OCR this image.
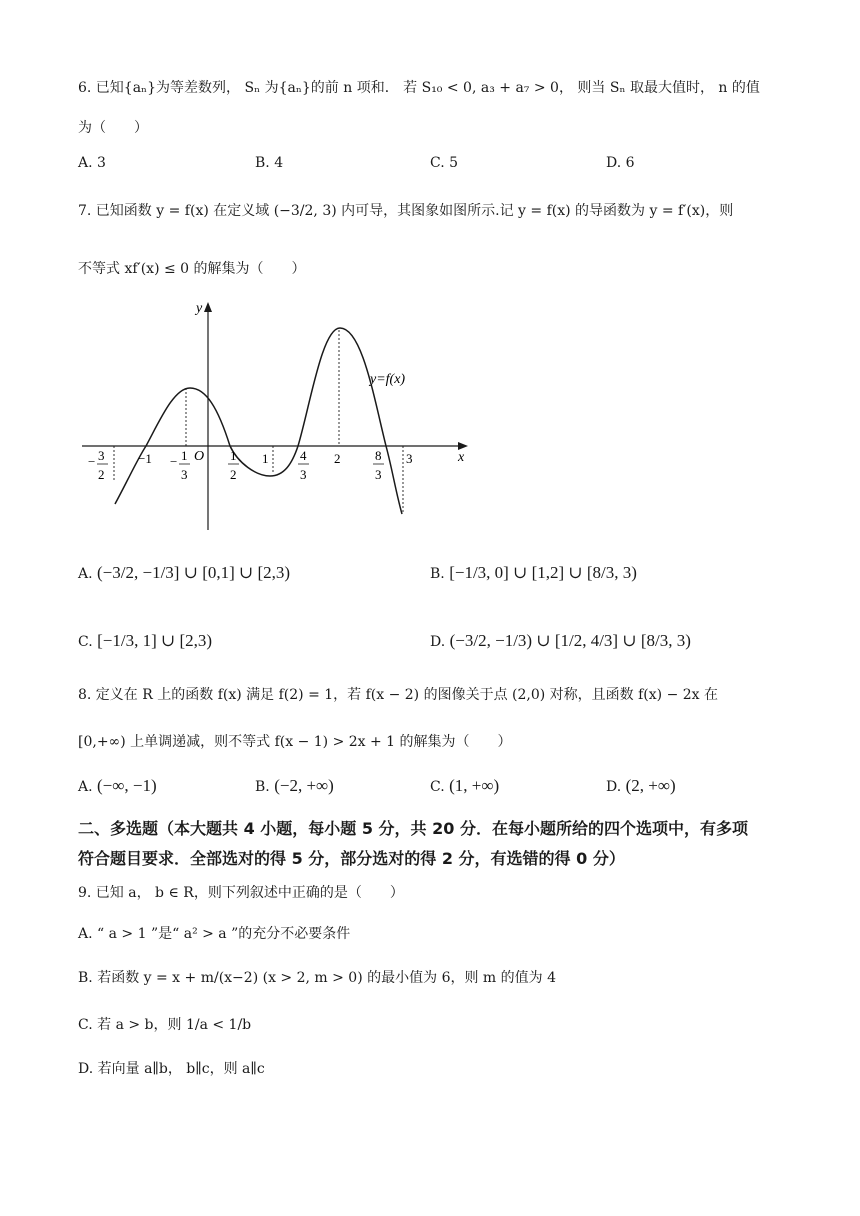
6. 已知{aₙ}为等差数列， Sₙ 为{aₙ}的前 n 项和． 若 S₁₀ < 0, a₃ + a₇ > 0， 则当 Sₙ 取最大值时， n 的值
为（　　）
A. 3	B. 4	C. 5	D. 6
7. 已知函数 y = f(x) 在定义域 (−3/2, 3) 内可导，其图象如图所示.记 y = f(x) 的导函数为 y = f′(x)，则
不等式 xf′(x) ≤ 0 的解集为（　　）
y
x
O
y=f(x)
− 3
2
−1 − 1
3
1
2
1 4
3
2	8
3
3
A. (−3/2, −1/3] ∪ [0,1] ∪ [2,3)	B. [−1/3, 0] ∪ [1,2] ∪ [8/3, 3)
C. [−1/3, 1] ∪ [2,3)	D. (−3/2, −1/3) ∪ [1/2, 4/3] ∪ [8/3, 3)
8. 定义在 R 上的函数 f(x) 满足 f(2) = 1，若 f(x − 2) 的图像关于点 (2,0) 对称，且函数 f(x) − 2x 在
[0,+∞) 上单调递减，则不等式 f(x − 1) > 2x + 1 的解集为（　　）
A. (−∞, −1)	B. (−2, +∞)	C. (1, +∞)	D. (2, +∞)
二、多选题（本大题共 4 小题，每小题 5 分，共 20 分．在每小题所给的四个选项中，有多项
符合题目要求．全部选对的得 5 分，部分选对的得 2 分，有选错的得 0 分）
9. 已知 a， b ∈ R，则下列叙述中正确的是（　　）
A. “ a > 1 ”是“ a² > a ”的充分不必要条件
B. 若函数 y = x + m/(x−2) (x > 2, m > 0) 的最小值为 6，则 m 的值为 4
C. 若 a > b，则 1/a < 1/b
D. 若向量 a∥b， b∥c，则 a∥c
